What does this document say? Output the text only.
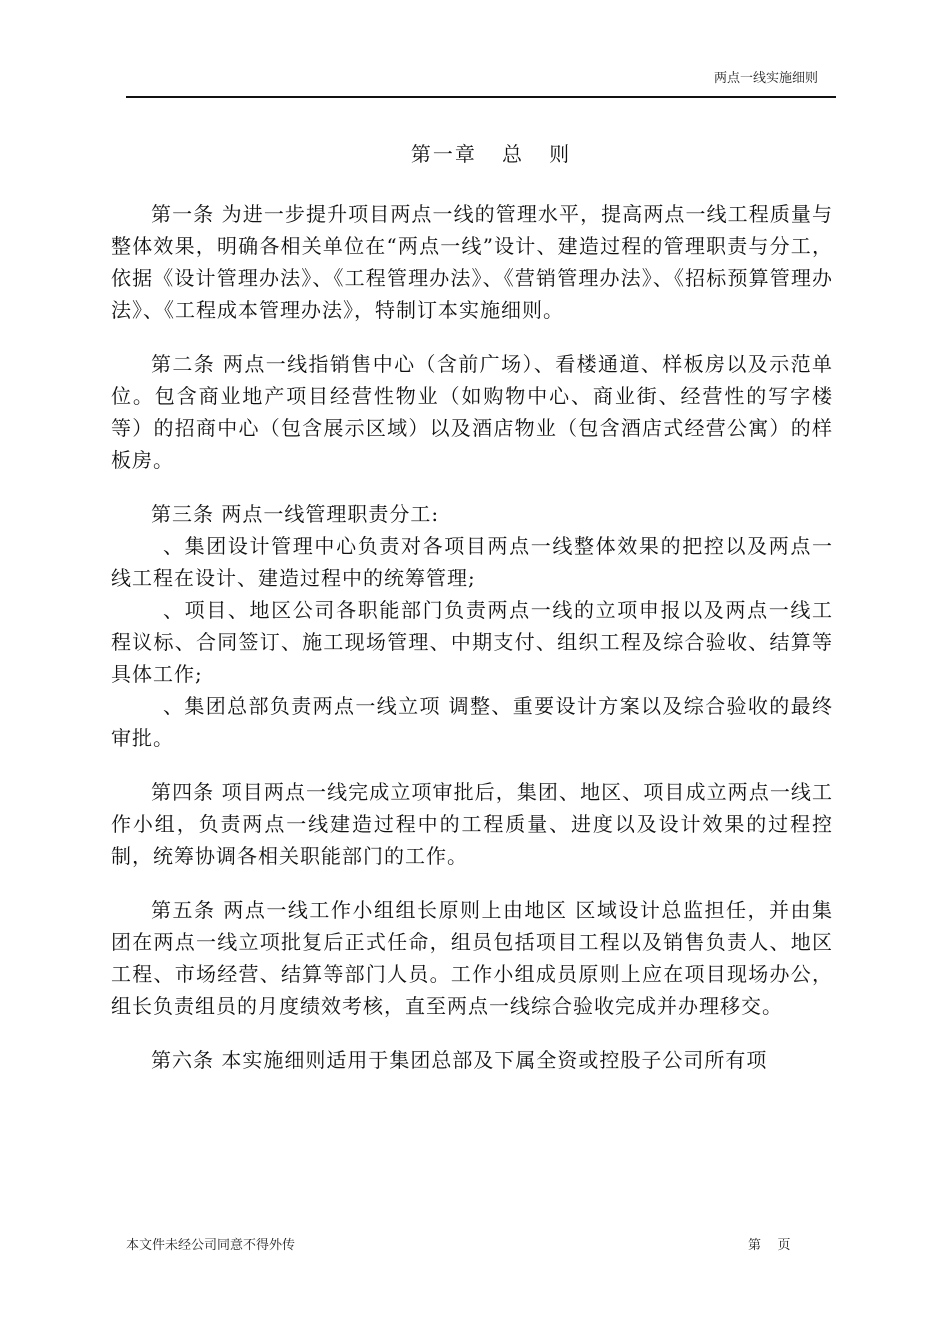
两点一线实施细则
第一章   总   则

第一条 为进一步提升项目两点一线的管理水平，提高两点一线工程质量与整体效果，明确各相关单位在“两点一线”设计、建造过程的管理职责与分工，依据《设计管理办法》、《工程管理办法》、《营销管理办法》、《招标预算管理办法》、《工程成本管理办法》，特制订本实施细则。

第二条 两点一线指销售中心（含前广场）、看楼通道、样板房以及示范单位。包含商业地产项目经营性物业（如购物中心、商业街、经营性的写字楼等）的招商中心（包含展示区域）以及酒店物业（包含酒店式经营公寓）的样板房。

第三条 两点一线管理职责分工:

、集团设计管理中心负责对各项目两点一线整体效果的把控以及两点一线工程在设计、建造过程中的统筹管理;

、项目、地区公司各职能部门负责两点一线的立项申报以及两点一线工程议标、合同签订、施工现场管理、中期支付、组织工程及综合验收、结算等具体工作;

、集团总部负责两点一线立项 调整、重要设计方案以及综合验收的最终审批。

第四条 项目两点一线完成立项审批后，集团、地区、项目成立两点一线工作小组，负责两点一线建造过程中的工程质量、进度以及设计效果的过程控制，统筹协调各相关职能部门的工作。

第五条 两点一线工作小组组长原则上由地区 区域设计总监担任，并由集团在两点一线立项批复后正式任命，组员包括项目工程以及销售负责人、地区工程、市场经营、结算等部门人员。工作小组成员原则上应在项目现场办公，组长负责组员的月度绩效考核，直至两点一线综合验收完成并办理移交。

第六条 本实施细则适用于集团总部及下属全资或控股子公司所有项

本文件未经公司同意不得外传	第    页
